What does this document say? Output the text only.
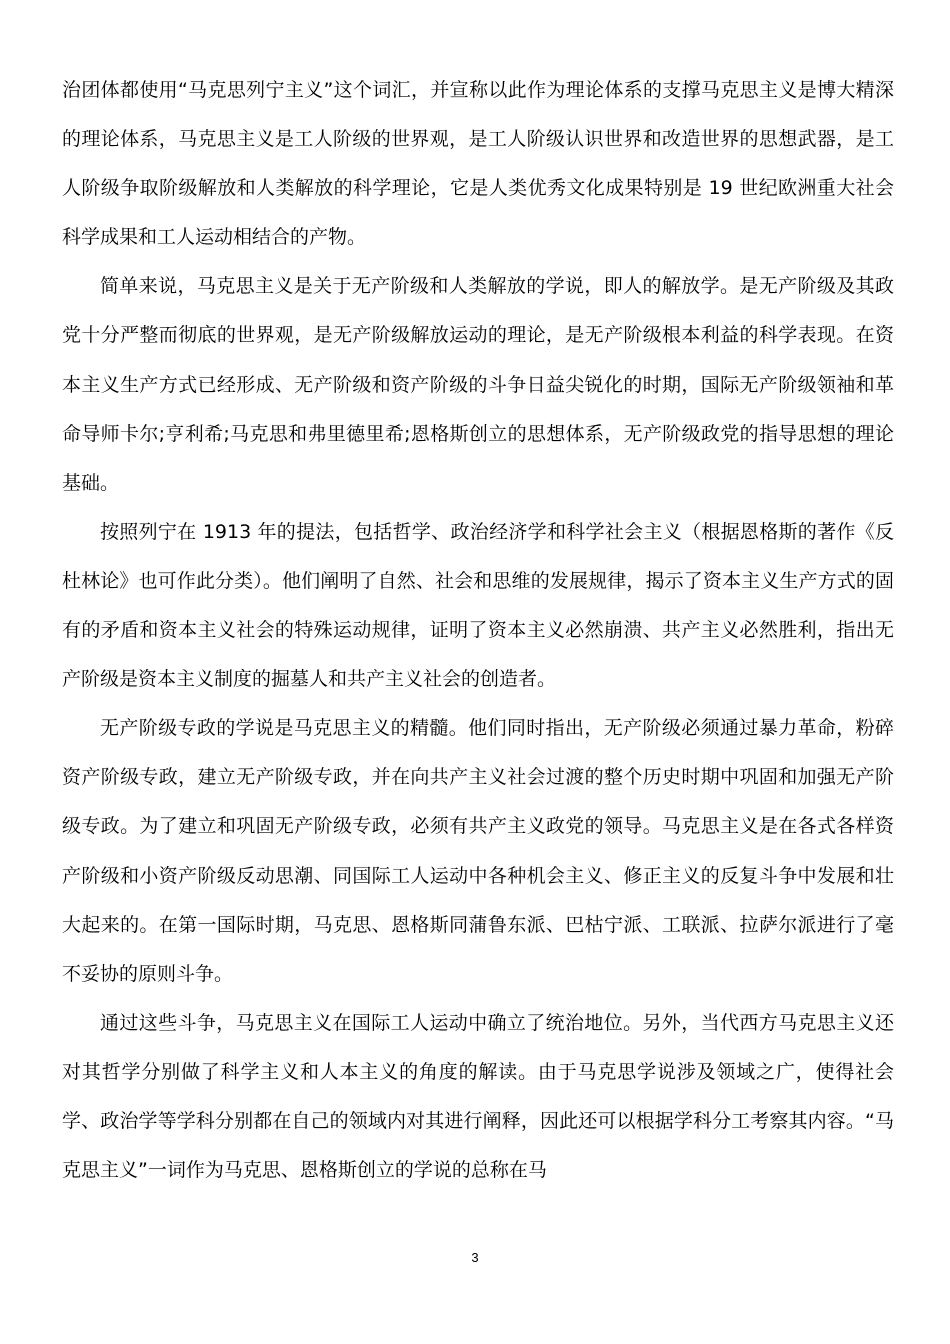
治团体都使用“马克思列宁主义”这个词汇，并宣称以此作为理论体系的支撑马克思主义是博大精深的理论体系，马克思主义是工人阶级的世界观，是工人阶级认识世界和改造世界的思想武器，是工人阶级争取阶级解放和人类解放的科学理论，它是人类优秀文化成果特别是 19 世纪欧洲重大社会科学成果和工人运动相结合的产物。

简单来说，马克思主义是关于无产阶级和人类解放的学说，即人的解放学。是无产阶级及其政党十分严整而彻底的世界观，是无产阶级解放运动的理论，是无产阶级根本利益的科学表现。在资本主义生产方式已经形成、无产阶级和资产阶级的斗争日益尖锐化的时期，国际无产阶级领袖和革命导师卡尔;亨利希;马克思和弗里德里希;恩格斯创立的思想体系，无产阶级政党的指导思想的理论基础。

按照列宁在 1913 年的提法，包括哲学、政治经济学和科学社会主义（根据恩格斯的著作《反杜林论》也可作此分类）。他们阐明了自然、社会和思维的发展规律，揭示了资本主义生产方式的固有的矛盾和资本主义社会的特殊运动规律，证明了资本主义必然崩溃、共产主义必然胜利，指出无产阶级是资本主义制度的掘墓人和共产主义社会的创造者。

无产阶级专政的学说是马克思主义的精髓。他们同时指出，无产阶级必须通过暴力革命，粉碎资产阶级专政，建立无产阶级专政，并在向共产主义社会过渡的整个历史时期中巩固和加强无产阶级专政。为了建立和巩固无产阶级专政，必须有共产主义政党的领导。马克思主义是在各式各样资产阶级和小资产阶级反动思潮、同国际工人运动中各种机会主义、修正主义的反复斗争中发展和壮大起来的。在第一国际时期，马克思、恩格斯同蒲鲁东派、巴枯宁派、工联派、拉萨尔派进行了毫不妥协的原则斗争。

通过这些斗争，马克思主义在国际工人运动中确立了统治地位。另外，当代西方马克思主义还对其哲学分别做了科学主义和人本主义的角度的解读。由于马克思学说涉及领域之广，使得社会学、政治学等学科分别都在自己的领域内对其进行阐释，因此还可以根据学科分工考察其内容。“马克思主义”一词作为马克思、恩格斯创立的学说的总称在马

3
